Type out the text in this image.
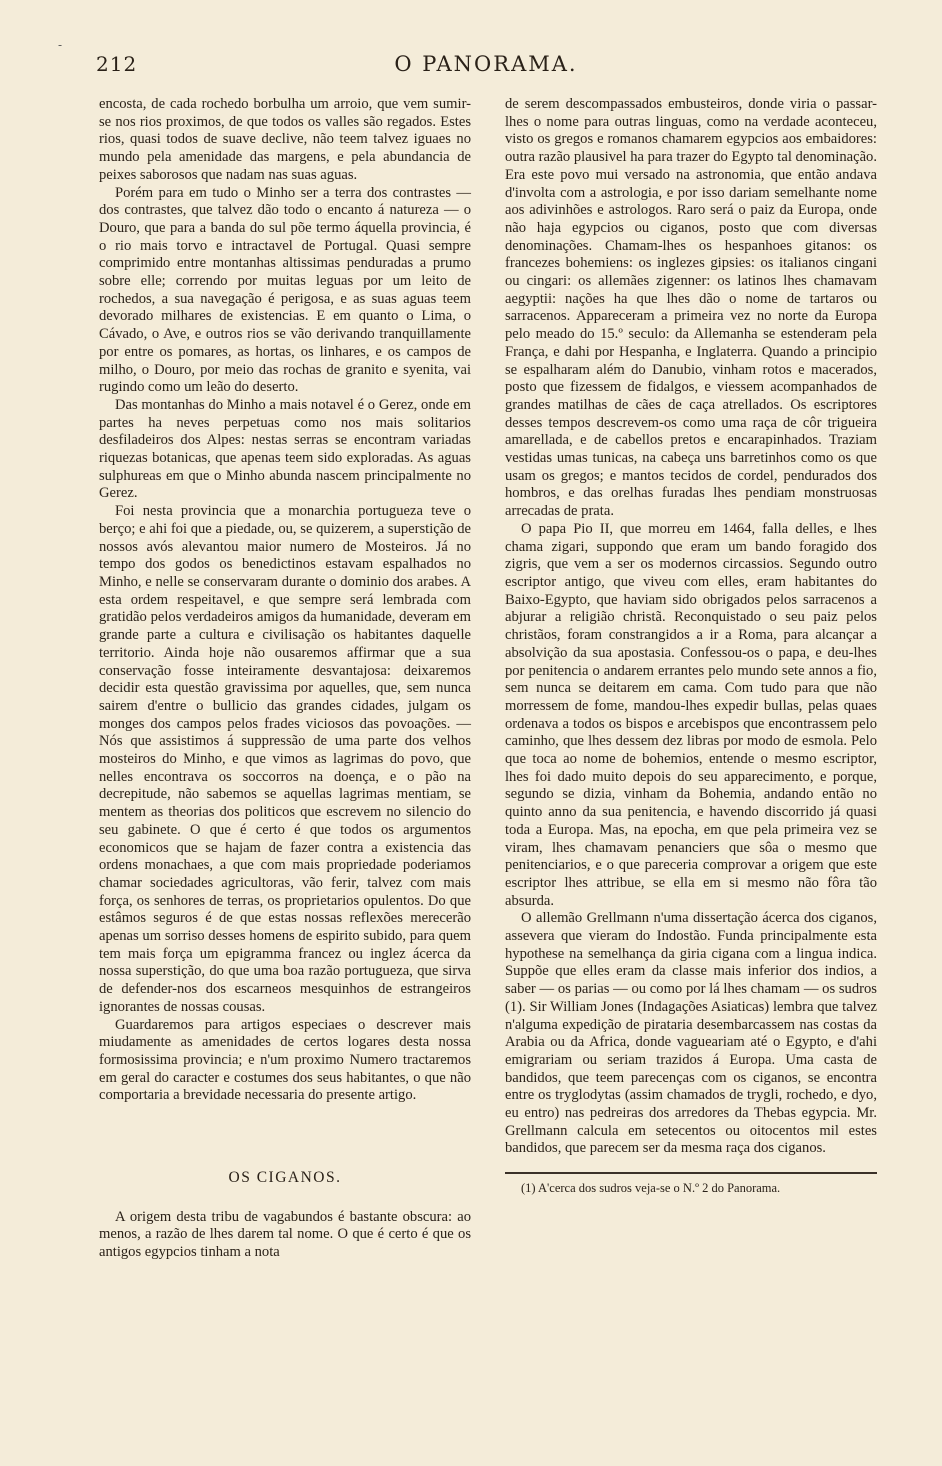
-
O PANORAMA.
212

encosta, de cada rochedo borbulha um arroio, que vem sumir-se nos rios proximos, de que todos os valles são regados. Estes rios, quasi todos de suave declive, não teem talvez iguaes no mundo pela amenidade das margens, e pela abundancia de peixes saborosos que nadam nas suas aguas.

Porém para em tudo o Minho ser a terra dos contrastes — dos contrastes, que talvez dão todo o encanto á natureza — o Douro, que para a banda do sul põe termo áquella provincia, é o rio mais torvo e intractavel de Portugal. Quasi sempre comprimido entre montanhas altissimas penduradas a prumo sobre elle; correndo por muitas leguas por um leito de rochedos, a sua navegação é perigosa, e as suas aguas teem devorado milhares de existencias. E em quanto o Lima, o Cávado, o Ave, e outros rios se vão derivando tranquillamente por entre os pomares, as hortas, os linhares, e os campos de milho, o Douro, por meio das rochas de granito e syenita, vai rugindo como um leão do deserto.

Das montanhas do Minho a mais notavel é o Gerez, onde em partes ha neves perpetuas como nos mais solitarios desfiladeiros dos Alpes: nestas serras se encontram variadas riquezas botanicas, que apenas teem sido exploradas. As aguas sulphureas em que o Minho abunda nascem principalmente no Gerez.

Foi nesta provincia que a monarchia portugueza teve o berço; e ahi foi que a piedade, ou, se quizerem, a superstição de nossos avós alevantou maior numero de Mosteiros. Já no tempo dos godos os benedictinos estavam espalhados no Minho, e nelle se conservaram durante o dominio dos arabes. A esta ordem respeitavel, e que sempre será lembrada com gratidão pelos verdadeiros amigos da humanidade, deveram em grande parte a cultura e civilisação os habitantes daquelle territorio. Ainda hoje não ousaremos affirmar que a sua conservação fosse inteiramente desvantajosa: deixaremos decidir esta questão gravissima por aquelles, que, sem nunca sairem d'entre o bullicio das grandes cidades, julgam os monges dos campos pelos frades viciosos das povoações. — Nós que assistimos á suppressão de uma parte dos velhos mosteiros do Minho, e que vimos as lagrimas do povo, que nelles encontrava os soccorros na doença, e o pão na decrepitude, não sabemos se aquellas lagrimas mentiam, se mentem as theorias dos politicos que escrevem no silencio do seu gabinete. O que é certo é que todos os argumentos economicos que se hajam de fazer contra a existencia das ordens monachaes, a que com mais propriedade poderiamos chamar sociedades agricultoras, vão ferir, talvez com mais força, os senhores de terras, os proprietarios opulentos. Do que estâmos seguros é de que estas nossas reflexões merecerão apenas um sorriso desses homens de espirito subido, para quem tem mais força um epigramma francez ou inglez ácerca da nossa superstição, do que uma boa razão portugueza, que sirva de defender-nos dos escarneos mesquinhos de estrangeiros ignorantes de nossas cousas.

Guardaremos para artigos especiaes o descrever mais miudamente as amenidades de certos logares desta nossa formosissima provincia; e n'um proximo Numero tractaremos em geral do caracter e costumes dos seus habitantes, o que não comportaria a brevidade necessaria do presente artigo.

OS CIGANOS.

A origem desta tribu de vagabundos é bastante obscura: ao menos, a razão de lhes darem tal nome. O que é certo é que os antigos egypcios tinham a nota

de serem descompassados embusteiros, donde viria o passar-lhes o nome para outras linguas, como na verdade aconteceu, visto os gregos e romanos chamarem egypcios aos embaidores: outra razão plausivel ha para trazer do Egypto tal denominação. Era este povo mui versado na astronomia, que então andava d'involta com a astrologia, e por isso dariam semelhante nome aos adivinhões e astrologos. Raro será o paiz da Europa, onde não haja egypcios ou ciganos, posto que com diversas denominações. Chamam-lhes os hespanhoes gitanos: os francezes bohemiens: os inglezes gipsies: os italianos cingani ou cingari: os allemães zigenner: os latinos lhes chamavam aegyptii: nações ha que lhes dão o nome de tartaros ou sarracenos. Appareceram a primeira vez no norte da Europa pelo meado do 15.º seculo: da Allemanha se estenderam pela França, e dahi por Hespanha, e Inglaterra. Quando a principio se espalharam além do Danubio, vinham rotos e macerados, posto que fizessem de fidalgos, e viessem acompanhados de grandes matilhas de cães de caça atrellados. Os escriptores desses tempos descrevem-os como uma raça de côr trigueira amarellada, e de cabellos pretos e encarapinhados. Traziam vestidas umas tunicas, na cabeça uns barretinhos como os que usam os gregos; e mantos tecidos de cordel, pendurados dos hombros, e das orelhas furadas lhes pendiam monstruosas arrecadas de prata.

O papa Pio II, que morreu em 1464, falla delles, e lhes chama zigari, suppondo que eram um bando foragido dos zigris, que vem a ser os modernos circassios. Segundo outro escriptor antigo, que viveu com elles, eram habitantes do Baixo-Egypto, que haviam sido obrigados pelos sarracenos a abjurar a religião christã. Reconquistado o seu paiz pelos christãos, foram constrangidos a ir a Roma, para alcançar a absolvição da sua apostasia. Confessou-os o papa, e deu-lhes por penitencia o andarem errantes pelo mundo sete annos a fio, sem nunca se deitarem em cama. Com tudo para que não morressem de fome, mandou-lhes expedir bullas, pelas quaes ordenava a todos os bispos e arcebispos que encontrassem pelo caminho, que lhes dessem dez libras por modo de esmola. Pelo que toca ao nome de bohemios, entende o mesmo escriptor, lhes foi dado muito depois do seu apparecimento, e porque, segundo se dizia, vinham da Bohemia, andando então no quinto anno da sua penitencia, e havendo discorrido já quasi toda a Europa. Mas, na epocha, em que pela primeira vez se viram, lhes chamavam penanciers que sôa o mesmo que penitenciarios, e o que pareceria comprovar a origem que este escriptor lhes attribue, se ella em si mesmo não fôra tão absurda.

O allemão Grellmann n'uma dissertação ácerca dos ciganos, assevera que vieram do Indostão. Funda principalmente esta hypothese na semelhança da giria cigana com a lingua indica. Suppõe que elles eram da classe mais inferior dos indios, a saber — os parias — ou como por lá lhes chamam — os sudros (1). Sir William Jones (Indagações Asiaticas) lembra que talvez n'alguma expedição de pirataria desembarcassem nas costas da Arabia ou da Africa, donde vagueariam até o Egypto, e d'ahi emigrariam ou seriam trazidos á Europa. Uma casta de bandidos, que teem parecenças com os ciganos, se encontra entre os tryglodytas (assim chamados de trygli, rochedo, e dyo, eu entro) nas pedreiras dos arredores da Thebas egypcia. Mr. Grellmann calcula em setecentos ou oitocentos mil estes bandidos, que parecem ser da mesma raça dos ciganos.

(1) A'cerca dos sudros veja-se o N.º 2 do Panorama.
